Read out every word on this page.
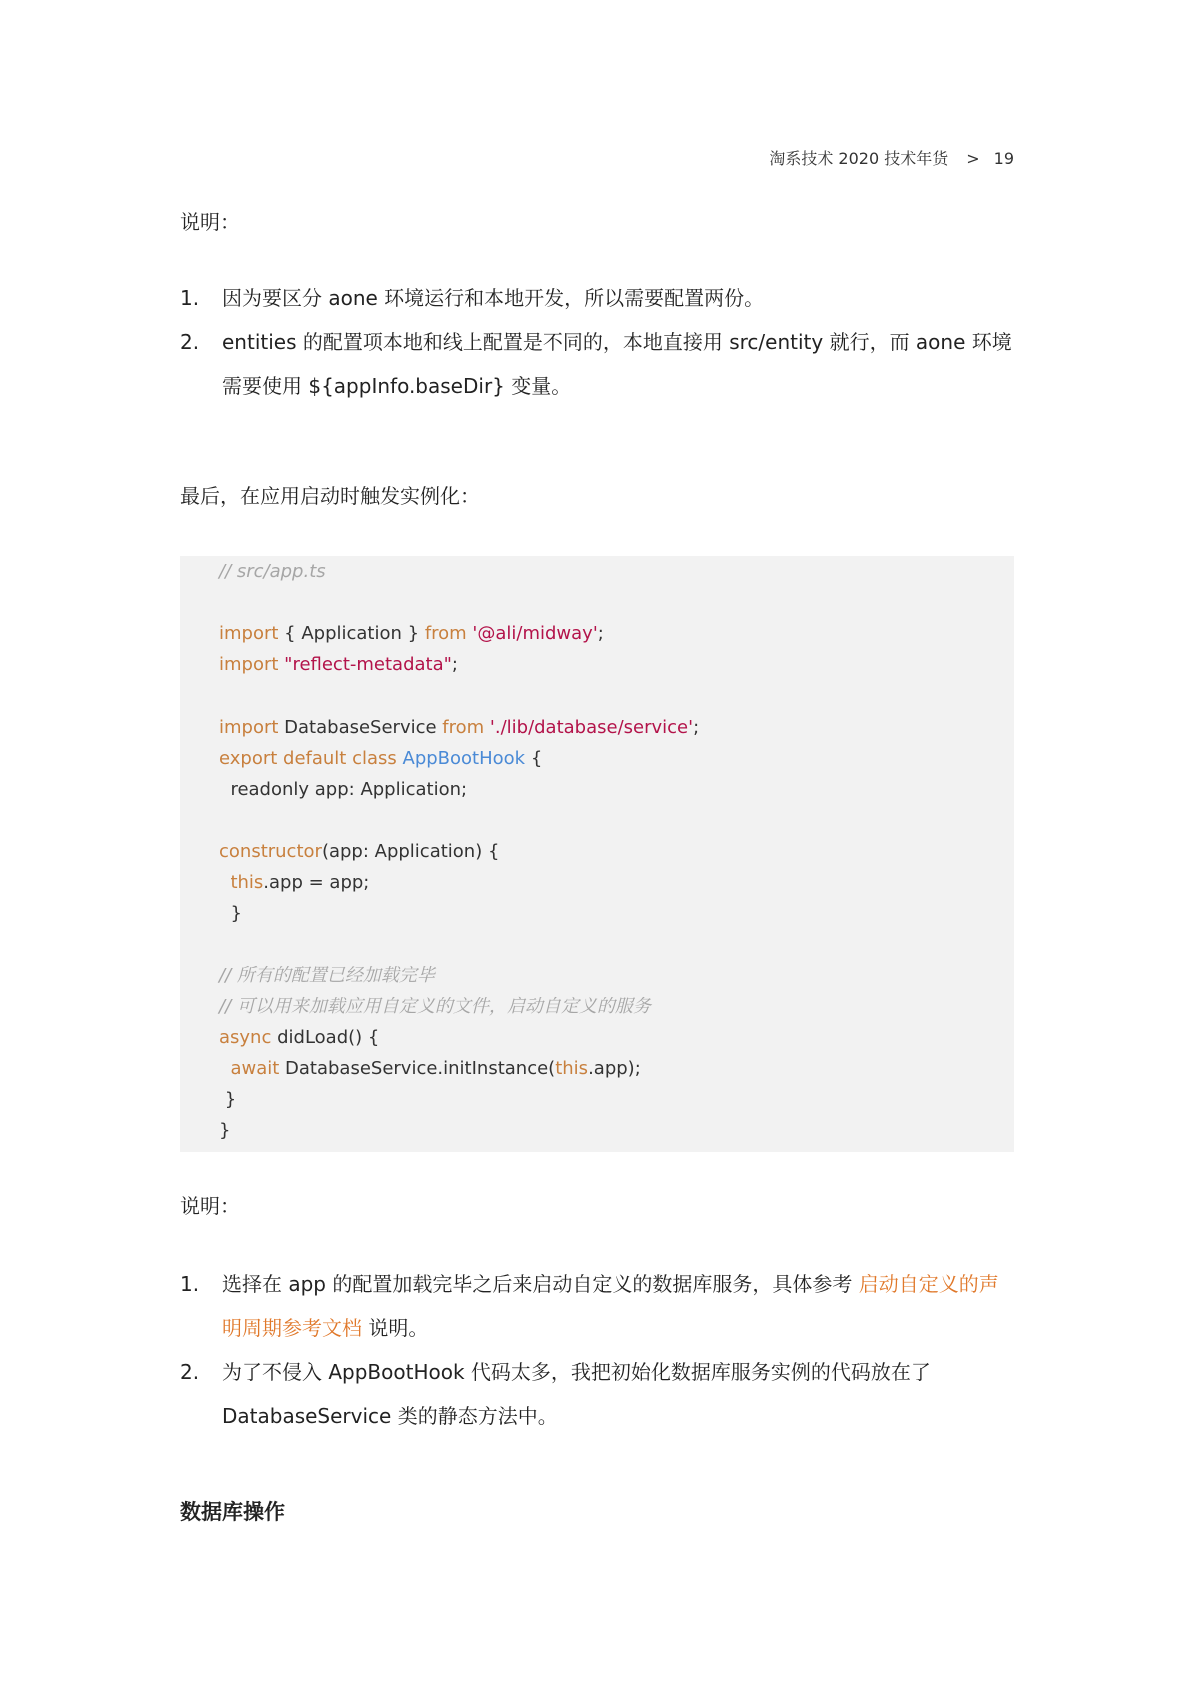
淘系技术 2020 技术年货 > 19
说明：
1. 因为要区分 aone 环境运行和本地开发，所以需要配置两份。
2. entities 的配置项本地和线上配置是不同的，本地直接用 src/entity 就行，而 aone 环境需要使用 ${appInfo.baseDir} 变量。
最后，在应用启动时触发实例化：
// src/app.ts
import { Application } from '@ali/midway';
import "reflect-metadata";
import DatabaseService from './lib/database/service';
export default class AppBootHook {
readonly app: Application;
constructor(app: Application) {
this.app = app;
}
// 所有的配置已经加载完毕
// 可以用来加载应用自定义的文件，启动自定义的服务
async didLoad() {
await DatabaseService.initInstance(this.app);
}
}
说明：
1. 选择在 app 的配置加载完毕之后来启动自定义的数据库服务，具体参考 启动自定义的声明周期参考文档 说明。
2. 为了不侵入 AppBootHook 代码太多，我把初始化数据库服务实例的代码放在了 DatabaseService 类的静态方法中。
数据库操作
